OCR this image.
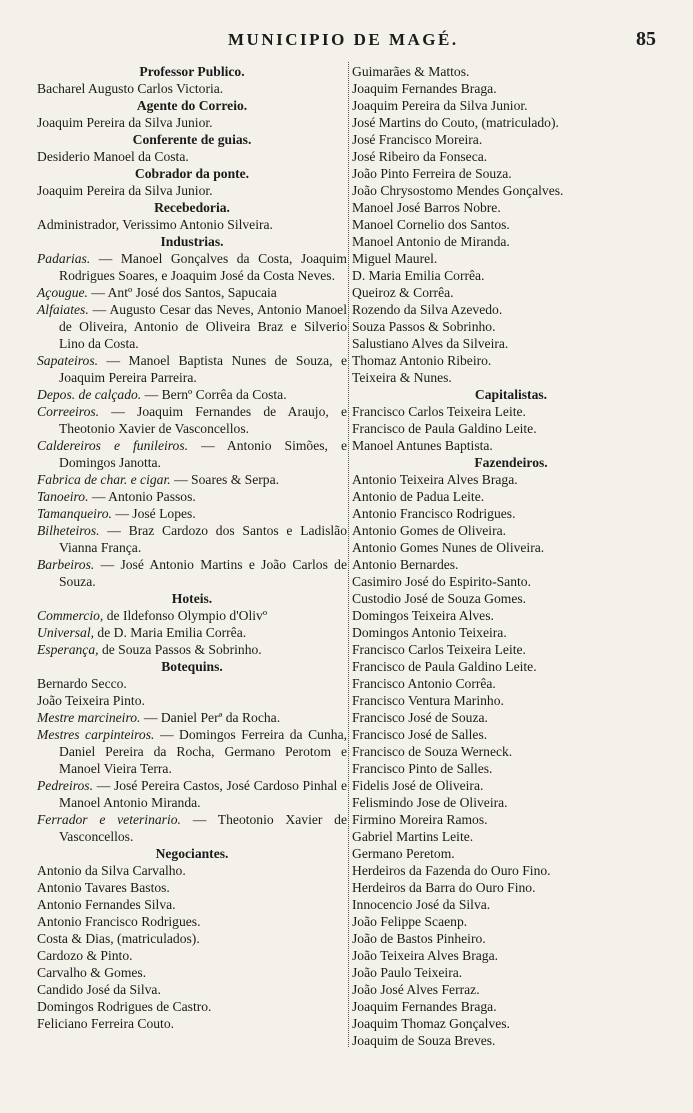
MUNICIPIO DE MAGÉ.	85
Professor Publico.
Bacharel Augusto Carlos Victoria.
Agente do Correio.
Joaquim Pereira da Silva Junior.
Conferente de guias.
Desiderio Manoel da Costa.
Cobrador da ponte.
Joaquim Pereira da Silva Junior.
Recebedoria.
Administrador, Verissimo Antonio Silveira.
Industrias.
Padarias. — Manoel Gonçalves da Costa, Joaquim Rodrigues Soares, e Joaquim José da Costa Neves.
Açougue. — Antº José dos Santos, Sapucaia
Alfaiates. — Augusto Cesar das Neves, Antonio Manoel de Oliveira, Antonio de Oliveira Braz e Silverio Lino da Costa.
Sapateiros. — Manoel Baptista Nunes de Souza, e Joaquim Pereira Parreira.
Depos. de calçado. — Bernº Corrêa da Costa.
Correeiros. — Joaquim Fernandes de Araujo, e Theotonio Xavier de Vasconcellos.
Caldereiros e funileiros. — Antonio Simões, e Domingos Janotta.
Fabrica de char. e cigar. — Soares & Serpa.
Tanoeiro. — Antonio Passos.
Tamanqueiro. — José Lopes.
Bilheteiros. — Braz Cardozo dos Santos e Ladislão Vianna França.
Barbeiros. — José Antonio Martins e João Carlos de Souza.
Hoteis.
Commercio, de Ildefonso Olympio d'Olivº
Universal, de D. Maria Emilia Corrêa.
Esperança, de Souza Passos & Sobrinho.
Botequins.
Bernardo Secco.
João Teixeira Pinto.
Mestre marcineiro. — Daniel Perª da Rocha.
Mestres carpinteiros. — Domingos Ferreira da Cunha, Daniel Pereira da Rocha, Germano Perotom e Manoel Vieira Terra.
Pedreiros. — José Pereira Castos, José Cardoso Pinhal e Manoel Antonio Miranda.
Ferrador e veterinario. — Theotonio Xavier de Vasconcellos.
Negociantes.
Antonio da Silva Carvalho.
Antonio Tavares Bastos.
Antonio Fernandes Silva.
Antonio Francisco Rodrigues.
Costa & Dias, (matriculados).
Cardozo & Pinto.
Carvalho & Gomes.
Candido José da Silva.
Domingos Rodrigues de Castro.
Feliciano Ferreira Couto.
Guimarães & Mattos.
Joaquim Fernandes Braga.
Joaquim Pereira da Silva Junior.
José Martins do Couto, (matriculado).
José Francisco Moreira.
José Ribeiro da Fonseca.
João Pinto Ferreira de Souza.
João Chrysostomo Mendes Gonçalves.
Manoel José Barros Nobre.
Manoel Cornelio dos Santos.
Manoel Antonio de Miranda.
Miguel Maurel.
D. Maria Emilia Corrêa.
Queiroz & Corrêa.
Rozendo da Silva Azevedo.
Souza Passos & Sobrinho.
Salustiano Alves da Silveira.
Thomaz Antonio Ribeiro.
Teixeira & Nunes.
Capitalistas.
Francisco Carlos Teixeira Leite.
Francisco de Paula Galdino Leite.
Manoel Antunes Baptista.
Fazendeiros.
Antonio Teixeira Alves Braga.
Antonio de Padua Leite.
Antonio Francisco Rodrigues.
Antonio Gomes de Oliveira.
Antonio Gomes Nunes de Oliveira.
Antonio Bernardes.
Casimiro José do Espirito-Santo.
Custodio José de Souza Gomes.
Domingos Teixeira Alves.
Domingos Antonio Teixeira.
Francisco Carlos Teixeira Leite.
Francisco de Paula Galdino Leite.
Francisco Antonio Corrêa.
Francisco Ventura Marinho.
Francisco José de Souza.
Francisco José de Salles.
Francisco de Souza Werneck.
Francisco Pinto de Salles.
Fidelis José de Oliveira.
Felismindo Jose de Oliveira.
Firmino Moreira Ramos.
Gabriel Martins Leite.
Germano Peretom.
Herdeiros da Fazenda do Ouro Fino.
Herdeiros da Barra do Ouro Fino.
Innocencio José da Silva.
João Felippe Scaenp.
João de Bastos Pinheiro.
João Teixeira Alves Braga.
João Paulo Teixeira.
João José Alves Ferraz.
Joaquim Fernandes Braga.
Joaquim Thomaz Gonçalves.
Joaquim de Souza Breves.
